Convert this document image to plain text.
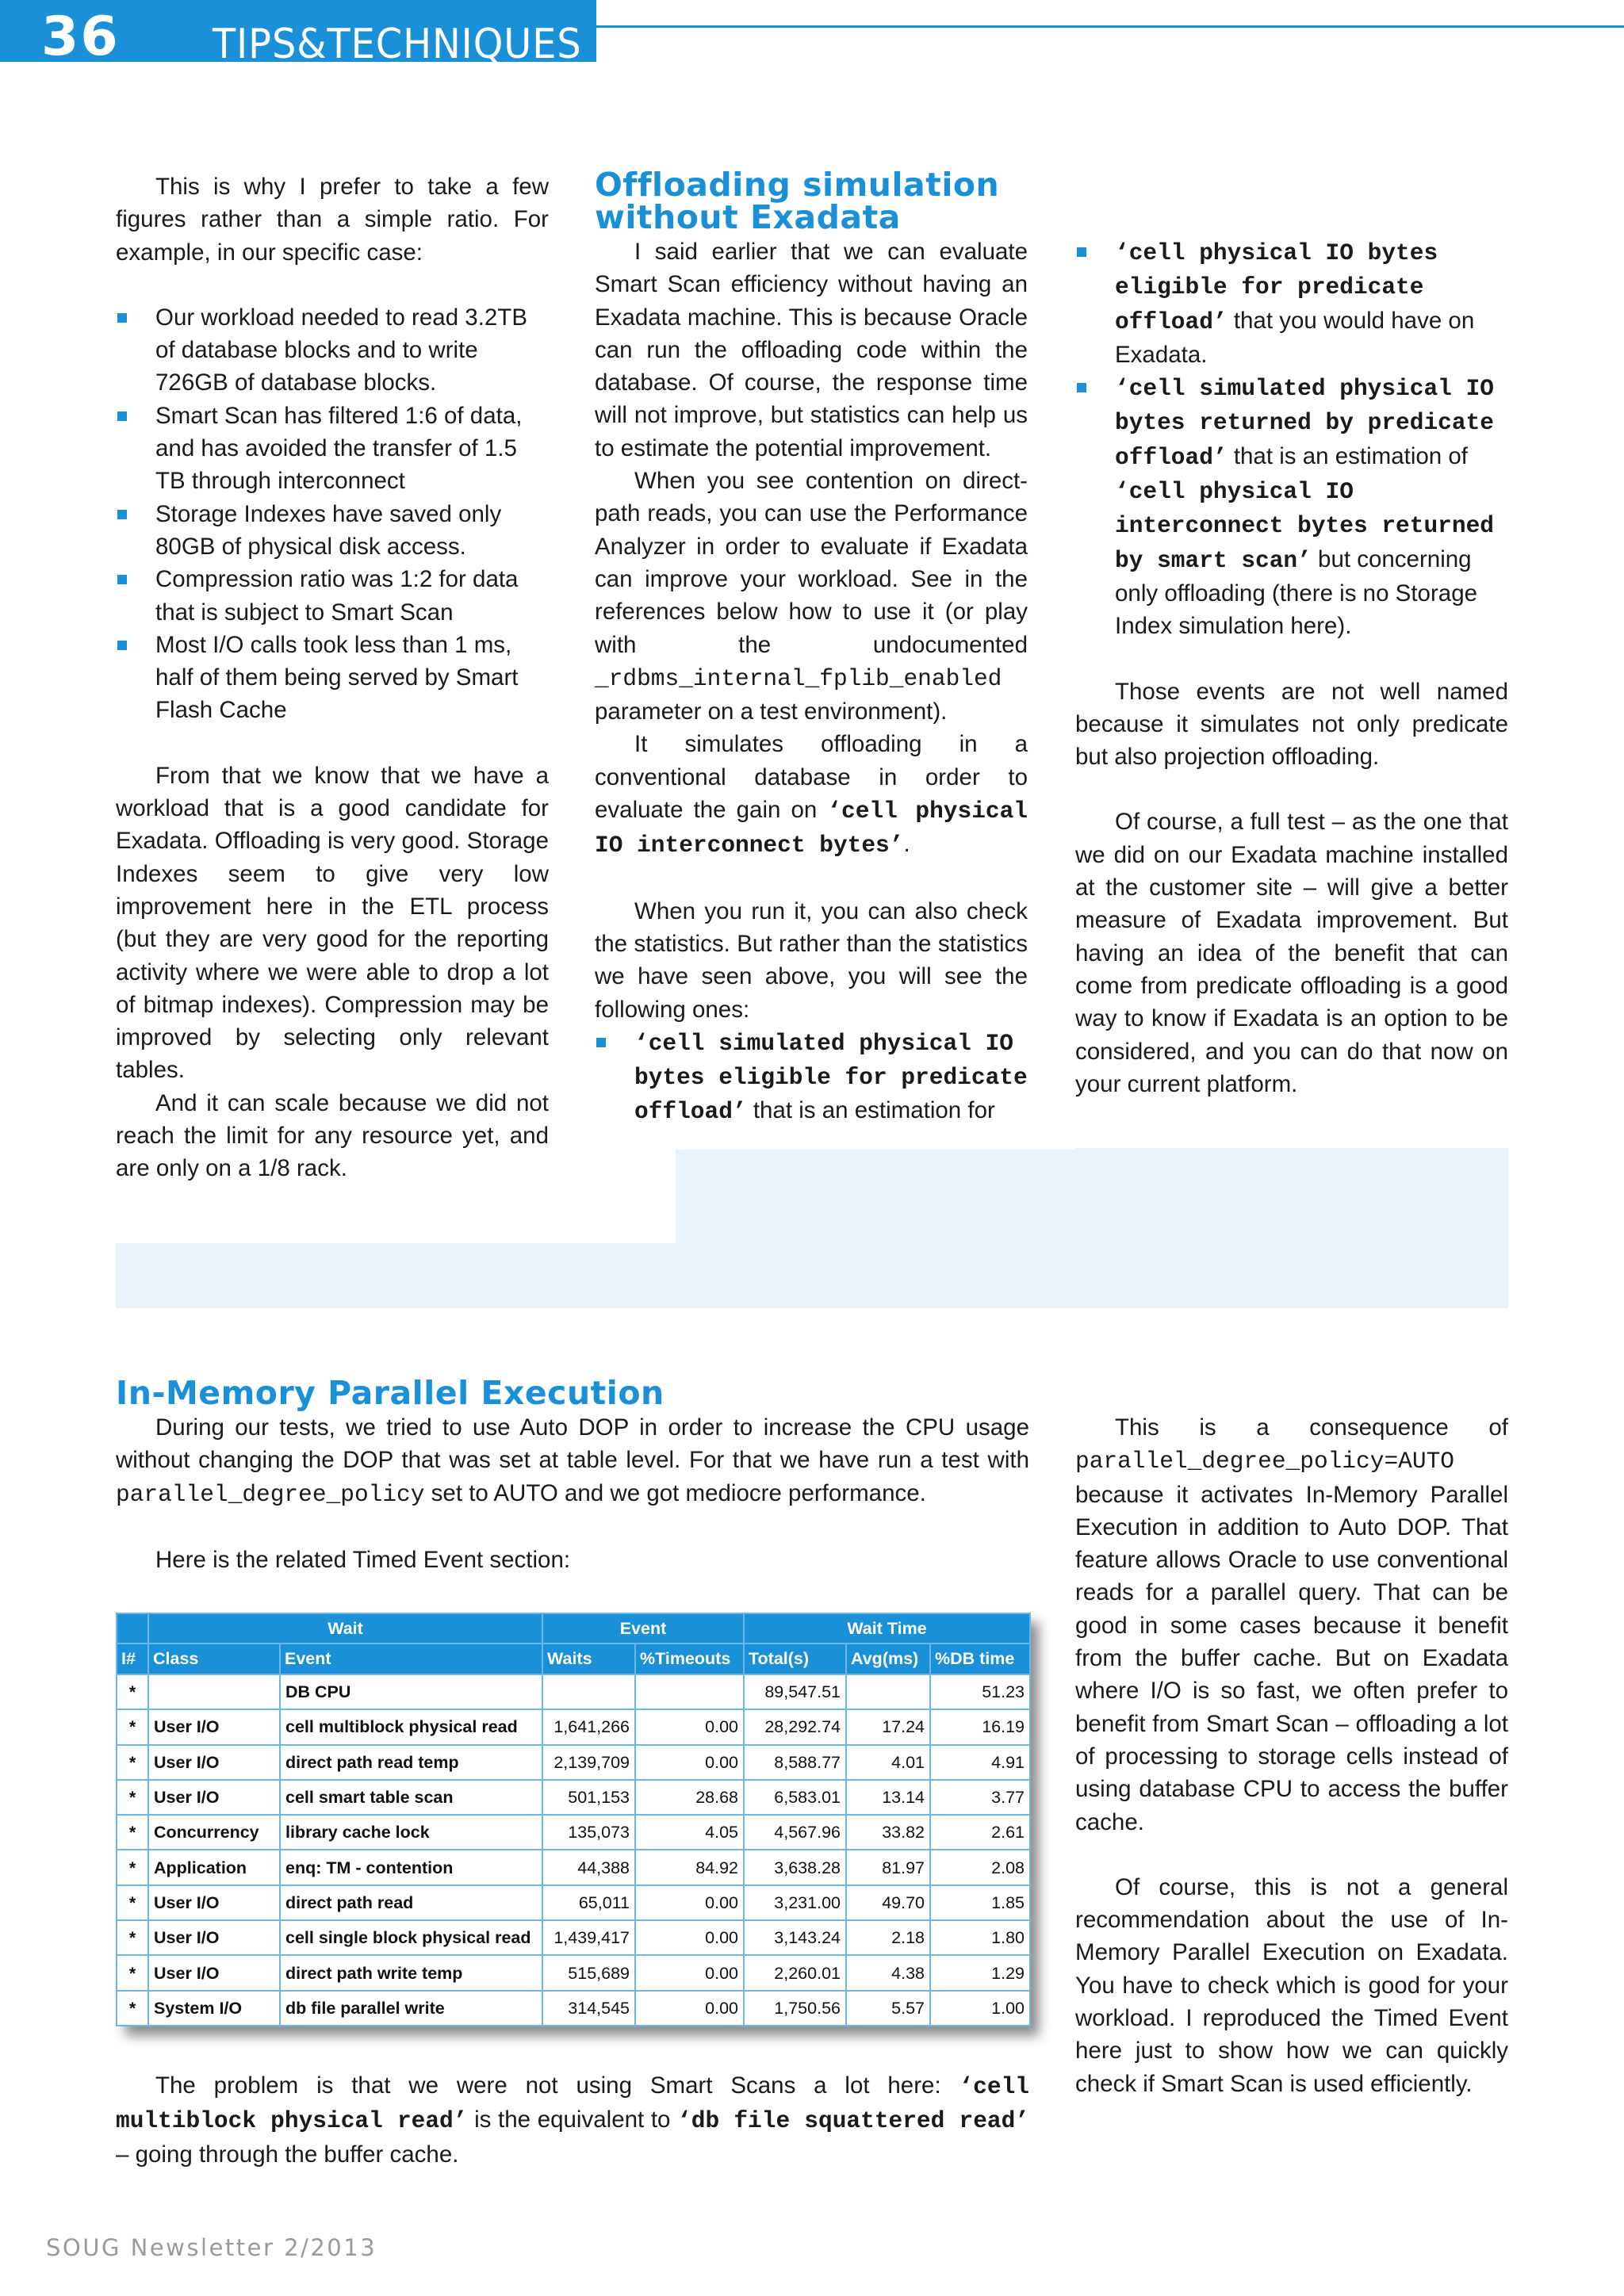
36 TIPS&TECHNIQUES

This is why I prefer to take a few figures rather than a simple ratio. For example, in our specific case:

Our workload needed to read 3.2TB of database blocks and to write 726GB of database blocks.
Smart Scan has filtered 1:6 of data, and has avoided the transfer of 1.5 TB through interconnect
Storage Indexes have saved only 80GB of physical disk access.
Compression ratio was 1:2 for data that is subject to Smart Scan
Most I/O calls took less than 1 ms, half of them being served by Smart Flash Cache

From that we know that we have a workload that is a good candidate for Exadata. Offloading is very good. Storage Indexes seem to give very low improvement here in the ETL process (but they are very good for the reporting activity where we were able to drop a lot of bitmap indexes). Compression may be improved by selecting only relevant tables.

And it can scale because we did not reach the limit for any resource yet, and are only on a 1/8 rack.

Offloading simulation without Exadata

I said earlier that we can evaluate Smart Scan efficiency without having an Exadata machine. This is because Oracle can run the offloading code within the database. Of course, the response time will not improve, but statistics can help us to estimate the potential improvement.

When you see contention on direct-path reads, you can use the Performance Analyzer in order to evaluate if Exadata can improve your workload. See in the references below how to use it (or play with the undocumented _rdbms_internal_fplib_enabled parameter on a test environment).

It simulates offloading in a conventional database in order to evaluate the gain on ‘cell physical IO interconnect bytes’.

When you run it, you can also check the statistics. But rather than the statistics we have seen above, you will see the following ones:

‘cell simulated physical IO bytes eligible for predicate offload’ that is an estimation for
‘cell physical IO bytes eligible for predicate offload’ that you would have on Exadata.
‘cell simulated physical IO bytes returned by predicate offload’ that is an estimation of ‘cell physical IO interconnect bytes returned by smart scan’ but concerning only offloading (there is no Storage Index simulation here).

Those events are not well named because it simulates not only predicate but also projection offloading.

Of course, a full test – as the one that we did on our Exadata machine installed at the customer site – will give a better measure of Exadata improvement. But having an idea of the benefit that can come from predicate offloading is a good way to know if Exadata is an option to be considered, and you can do that now on your current platform.

In-Memory Parallel Execution

During our tests, we tried to use Auto DOP in order to increase the CPU usage without changing the DOP that was set at table level. For that we have run a test with parallel_degree_policy set to AUTO and we got mediocre performance.

Here is the related Timed Event section:

	Wait		Event		Wait Time		
I#	Class	Event	Waits	%Timeouts	Total(s)	Avg(ms)	%DB time
*		DB CPU			89,547.51		51.23
*	User I/O	cell multiblock physical read	1,641,266	0.00	28,292.74	17.24	16.19
*	User I/O	direct path read temp	2,139,709	0.00	8,588.77	4.01	4.91
*	User I/O	cell smart table scan	501,153	28.68	6,583.01	13.14	3.77
*	Concurrency	library cache lock	135,073	4.05	4,567.96	33.82	2.61
*	Application	enq: TM - contention	44,388	84.92	3,638.28	81.97	2.08
*	User I/O	direct path read	65,011	0.00	3,231.00	49.70	1.85
*	User I/O	cell single block physical read	1,439,417	0.00	3,143.24	2.18	1.80
*	User I/O	direct path write temp	515,689	0.00	2,260.01	4.38	1.29
*	System I/O	db file parallel write	314,545	0.00	1,750.56	5.57	1.00

The problem is that we were not using Smart Scans a lot here: ‘cell multiblock physical read’ is the equivalent to ‘db file squattered read’ – going through the buffer cache.

This is a consequence of parallel_degree_policy=AUTO because it activates In-Memory Parallel Execution in addition to Auto DOP. That feature allows Oracle to use conventional reads for a parallel query. That can be good in some cases because it benefit from the buffer cache. But on Exadata where I/O is so fast, we often prefer to benefit from Smart Scan – offloading a lot of processing to storage cells instead of using database CPU to access the buffer cache.

Of course, this is not a general recommendation about the use of In-Memory Parallel Execution on Exadata. You have to check which is good for your workload. I reproduced the Timed Event here just to show how we can quickly check if Smart Scan is used efficiently.

SOUG Newsletter 2/2013
